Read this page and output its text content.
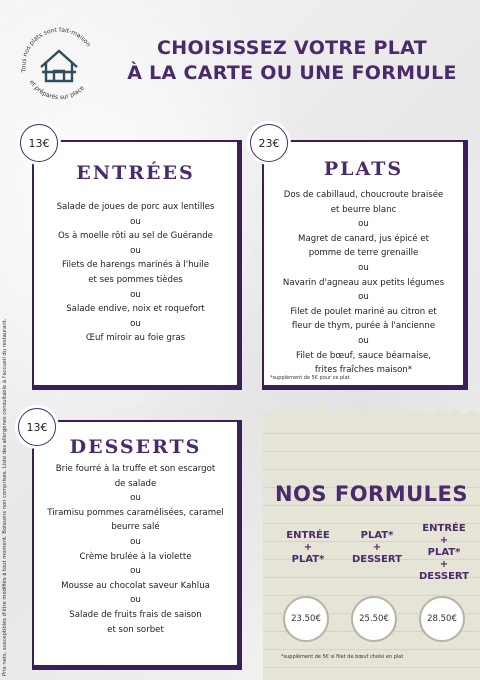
Tous nos plats sont fait-maison
et préparés sur place
CHOISISSEZ VOTRE PLAT
À LA CARTE OU UNE FORMULE
Prix nets, susceptibles d'être modifiés à tout moment. Boissons non comprises. Liste des allergènes consultable à l'accueil du restaurant.
ENTRÉES
Salade de joues de porc aux lentilles
ou
Os à moelle rôti au sel de Guérande
ou
Filets de harengs marinés à l'huile
et ses pommes tièdes
ou
Salade endive, noix et roquefort
ou
Œuf miroir au foie gras
13€
PLATS
Dos de cabillaud, choucroute braisée
et beurre blanc
ou
Magret de canard, jus épicé et
pomme de terre grenaille
ou
Navarin d'agneau aux petits légumes
ou
Filet de poulet mariné au citron et
fleur de thym, purée à l'ancienne
ou
Filet de bœuf, sauce béarnaise,
frites fraîches maison*
*supplément de 5€ pour ce plat
23€
DESSERTS
Brie fourré à la truffe et son escargot
de salade
ou
Tiramisu pommes caramélisées, caramel
beurre salé
ou
Crème brulée à la violette
ou
Mousse au chocolat saveur Kahlua
ou
Salade de fruits frais de saison
et son sorbet
13€
NOS FORMULES
ENTRÉE
+
PLAT*
PLAT*
+
DESSERT
ENTRÉE
+
PLAT*
+
DESSERT
23.50€	25.50€	28.50€
*supplément de 5€ si filet de bœuf choisi en plat
